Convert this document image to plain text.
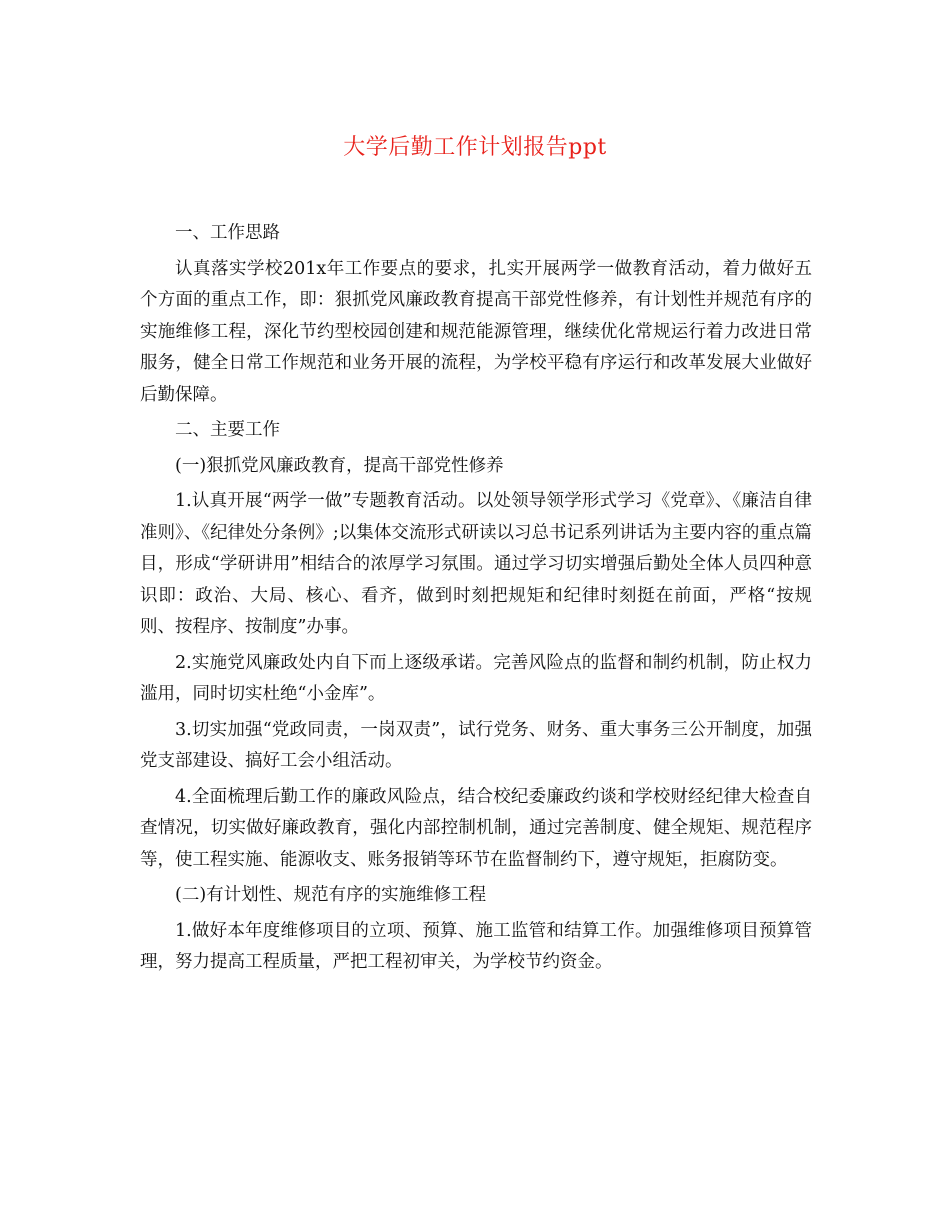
大学后勤工作计划报告ppt

一、工作思路

认真落实学校201x年工作要点的要求，扎实开展两学一做教育活动，着力做好五个方面的重点工作，即：狠抓党风廉政教育提高干部党性修养，有计划性并规范有序的实施维修工程，深化节约型校园创建和规范能源管理，继续优化常规运行着力改进日常服务，健全日常工作规范和业务开展的流程，为学校平稳有序运行和改革发展大业做好后勤保障。

二、主要工作

(一)狠抓党风廉政教育，提高干部党性修养

1.认真开展“两学一做”专题教育活动。以处领导领学形式学习《党章》、《廉洁自律准则》、《纪律处分条例》;以集体交流形式研读以习总书记系列讲话为主要内容的重点篇目，形成“学研讲用”相结合的浓厚学习氛围。通过学习切实增强后勤处全体人员四种意识即：政治、大局、核心、看齐，做到时刻把规矩和纪律时刻挺在前面，严格“按规则、按程序、按制度”办事。

2.实施党风廉政处内自下而上逐级承诺。完善风险点的监督和制约机制，防止权力滥用，同时切实杜绝“小金库”。

3.切实加强“党政同责，一岗双责”，试行党务、财务、重大事务三公开制度，加强党支部建设、搞好工会小组活动。

4.全面梳理后勤工作的廉政风险点，结合校纪委廉政约谈和学校财经纪律大检查自查情况，切实做好廉政教育，强化内部控制机制，通过完善制度、健全规矩、规范程序等，使工程实施、能源收支、账务报销等环节在监督制约下，遵守规矩，拒腐防变。

(二)有计划性、规范有序的实施维修工程

1.做好本年度维修项目的立项、预算、施工监管和结算工作。加强维修项目预算管理，努力提高工程质量，严把工程初审关，为学校节约资金。
